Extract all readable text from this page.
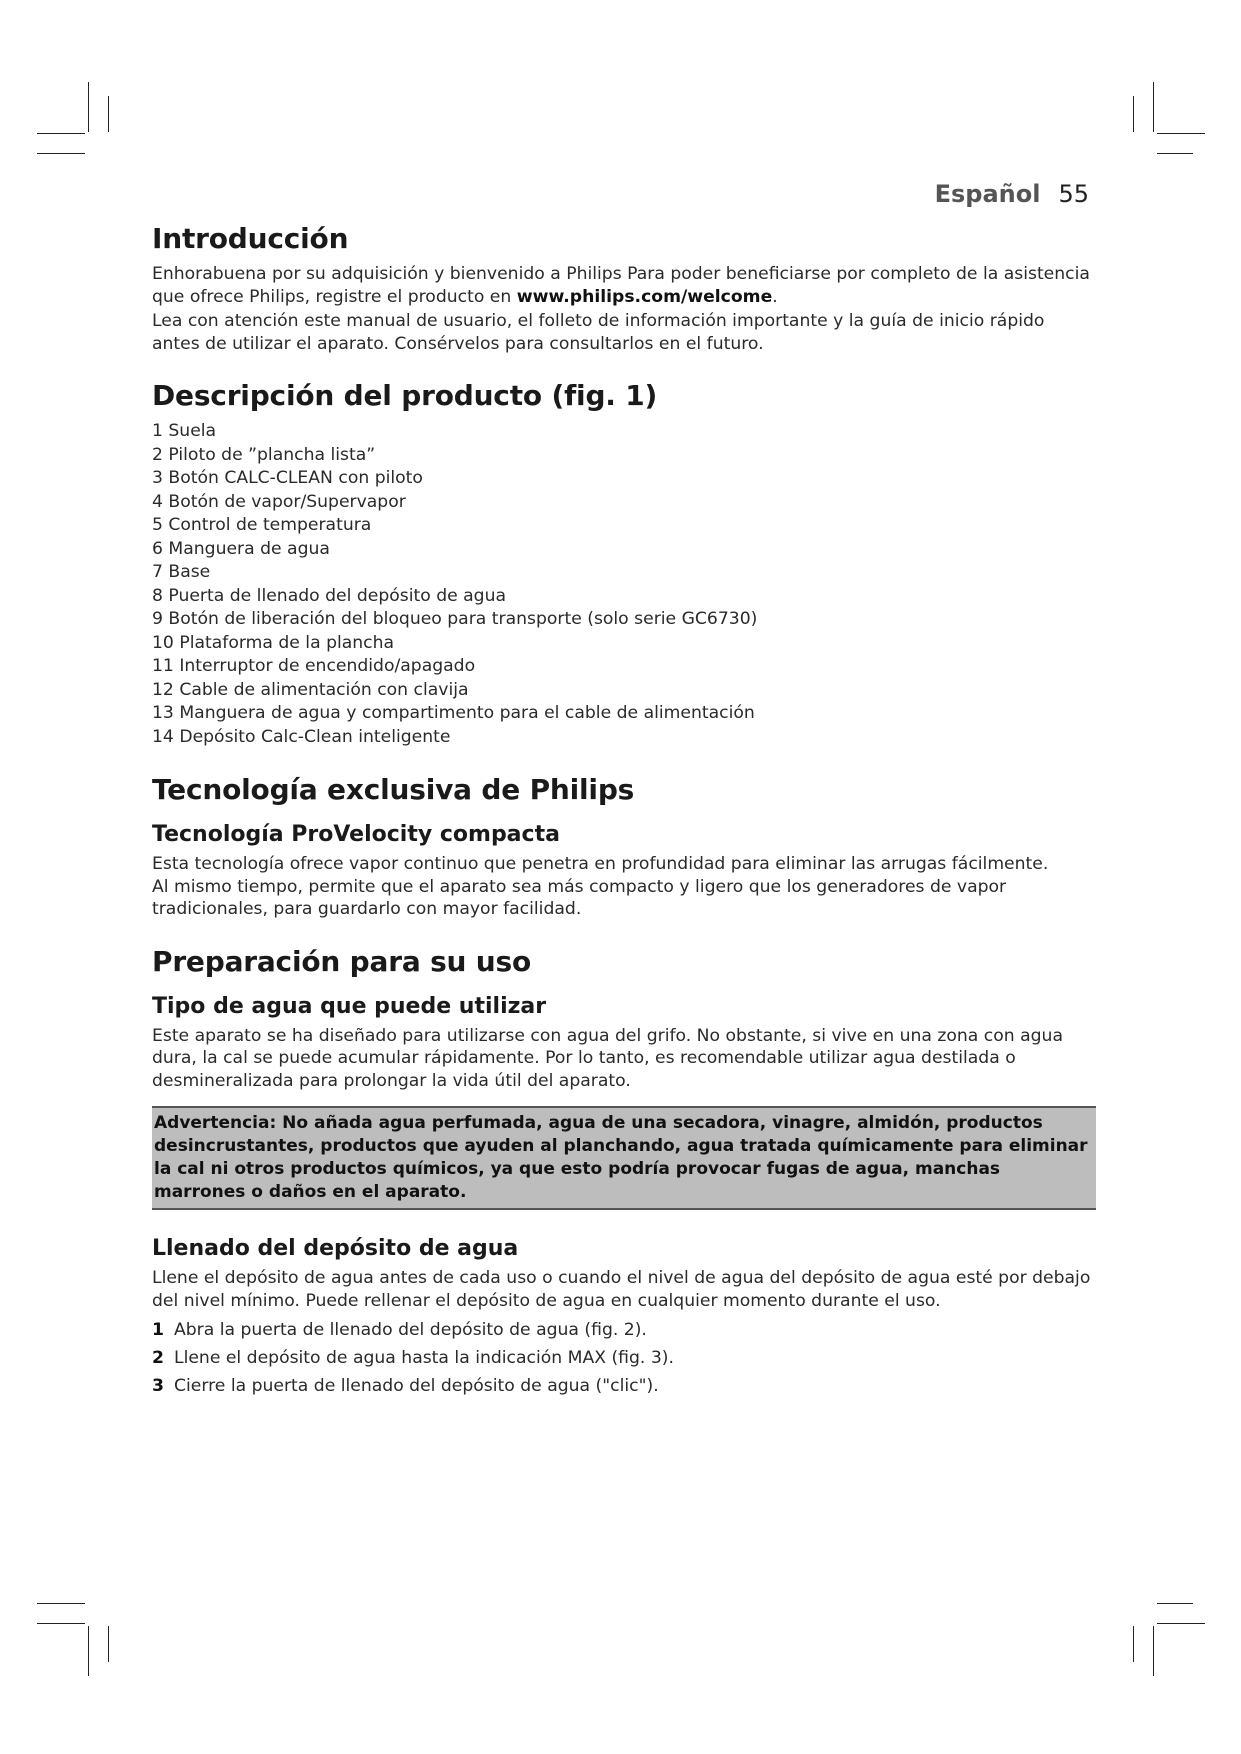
Español 55
Introducción

Enhorabuena por su adquisición y bienvenido a Philips Para poder beneficiarse por completo de la asistencia que ofrece Philips, registre el producto en www.philips.com/welcome.

Lea con atención este manual de usuario, el folleto de información importante y la guía de inicio rápido antes de utilizar el aparato. Consérvelos para consultarlos en el futuro.

Descripción del producto (fig. 1)
1 Suela
2 Piloto de ”plancha lista”
3 Botón CALC-CLEAN con piloto
4 Botón de vapor/Supervapor
5 Control de temperatura
6 Manguera de agua
7 Base
8 Puerta de llenado del depósito de agua
9 Botón de liberación del bloqueo para transporte (solo serie GC6730)
10 Plataforma de la plancha
11 Interruptor de encendido/apagado
12 Cable de alimentación con clavija
13 Manguera de agua y compartimento para el cable de alimentación
14 Depósito Calc-Clean inteligente
Tecnología exclusiva de Philips
Tecnología ProVelocity compacta

Esta tecnología ofrece vapor continuo que penetra en profundidad para eliminar las arrugas fácilmente.

Al mismo tiempo, permite que el aparato sea más compacto y ligero que los generadores de vapor tradicionales, para guardarlo con mayor facilidad.

Preparación para su uso
Tipo de agua que puede utilizar

Este aparato se ha diseñado para utilizarse con agua del grifo. No obstante, si vive en una zona con agua dura, la cal se puede acumular rápidamente. Por lo tanto, es recomendable utilizar agua destilada o desmineralizada para prolongar la vida útil del aparato.

Advertencia: No añada agua perfumada, agua de una secadora, vinagre, almidón, productos desincrustantes, productos que ayuden al planchando, agua tratada químicamente para eliminar la cal ni otros productos químicos, ya que esto podría provocar fugas de agua, manchas marrones o daños en el aparato.
Llenado del depósito de agua

Llene el depósito de agua antes de cada uso o cuando el nivel de agua del depósito de agua esté por debajo del nivel mínimo. Puede rellenar el depósito de agua en cualquier momento durante el uso.

1 Abra la puerta de llenado del depósito de agua (fig. 2).
2 Llene el depósito de agua hasta la indicación MAX (fig. 3).
3 Cierre la puerta de llenado del depósito de agua ("clic").
